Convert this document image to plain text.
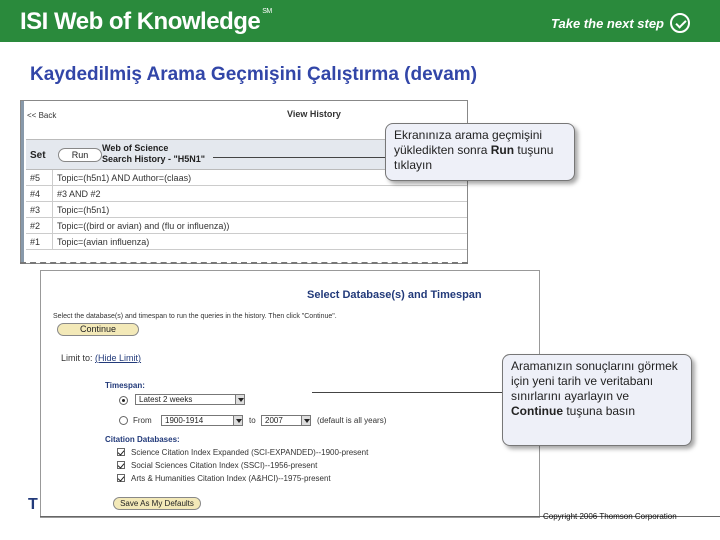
ISI Web of Knowledge ℠
Take the next step
Kaydedilmiş Arama Geçmişini Çalıştırma (devam)
<< Back	View History
Set	Run
Web of Science
Search History - "H5N1"
#5	Topic=(h5n1) AND Author=(claas)
#4	#3 AND #2
#3	Topic=(h5n1)
#2	Topic=((bird or avian) and (flu or influenza))
#1	Topic=(avian influenza)
Ekranınıza arama geçmişini yükledikten sonra Run tuşunu tıklayın
Select Database(s) and Timespan
Select the database(s) and timespan to run the queries in the history. Then click "Continue".
Continue
Limit to: (Hide Limit)
Timespan:
Latest 2 weeks
From	1900-1914	to	2007	(default is all years)
Citation Databases:
Science Citation Index Expanded (SCI-EXPANDED)--1900-present
Social Sciences Citation Index (SSCI)--1956-present
Arts & Humanities Citation Index (A&HCI)--1975-present
Save As My Defaults
Aramanızın sonuçlarını görmek için yeni tarih ve veritabanı sınırlarını ayarlayın ve Continue tuşuna basın
T
Copyright 2006 Thomson Corporation
